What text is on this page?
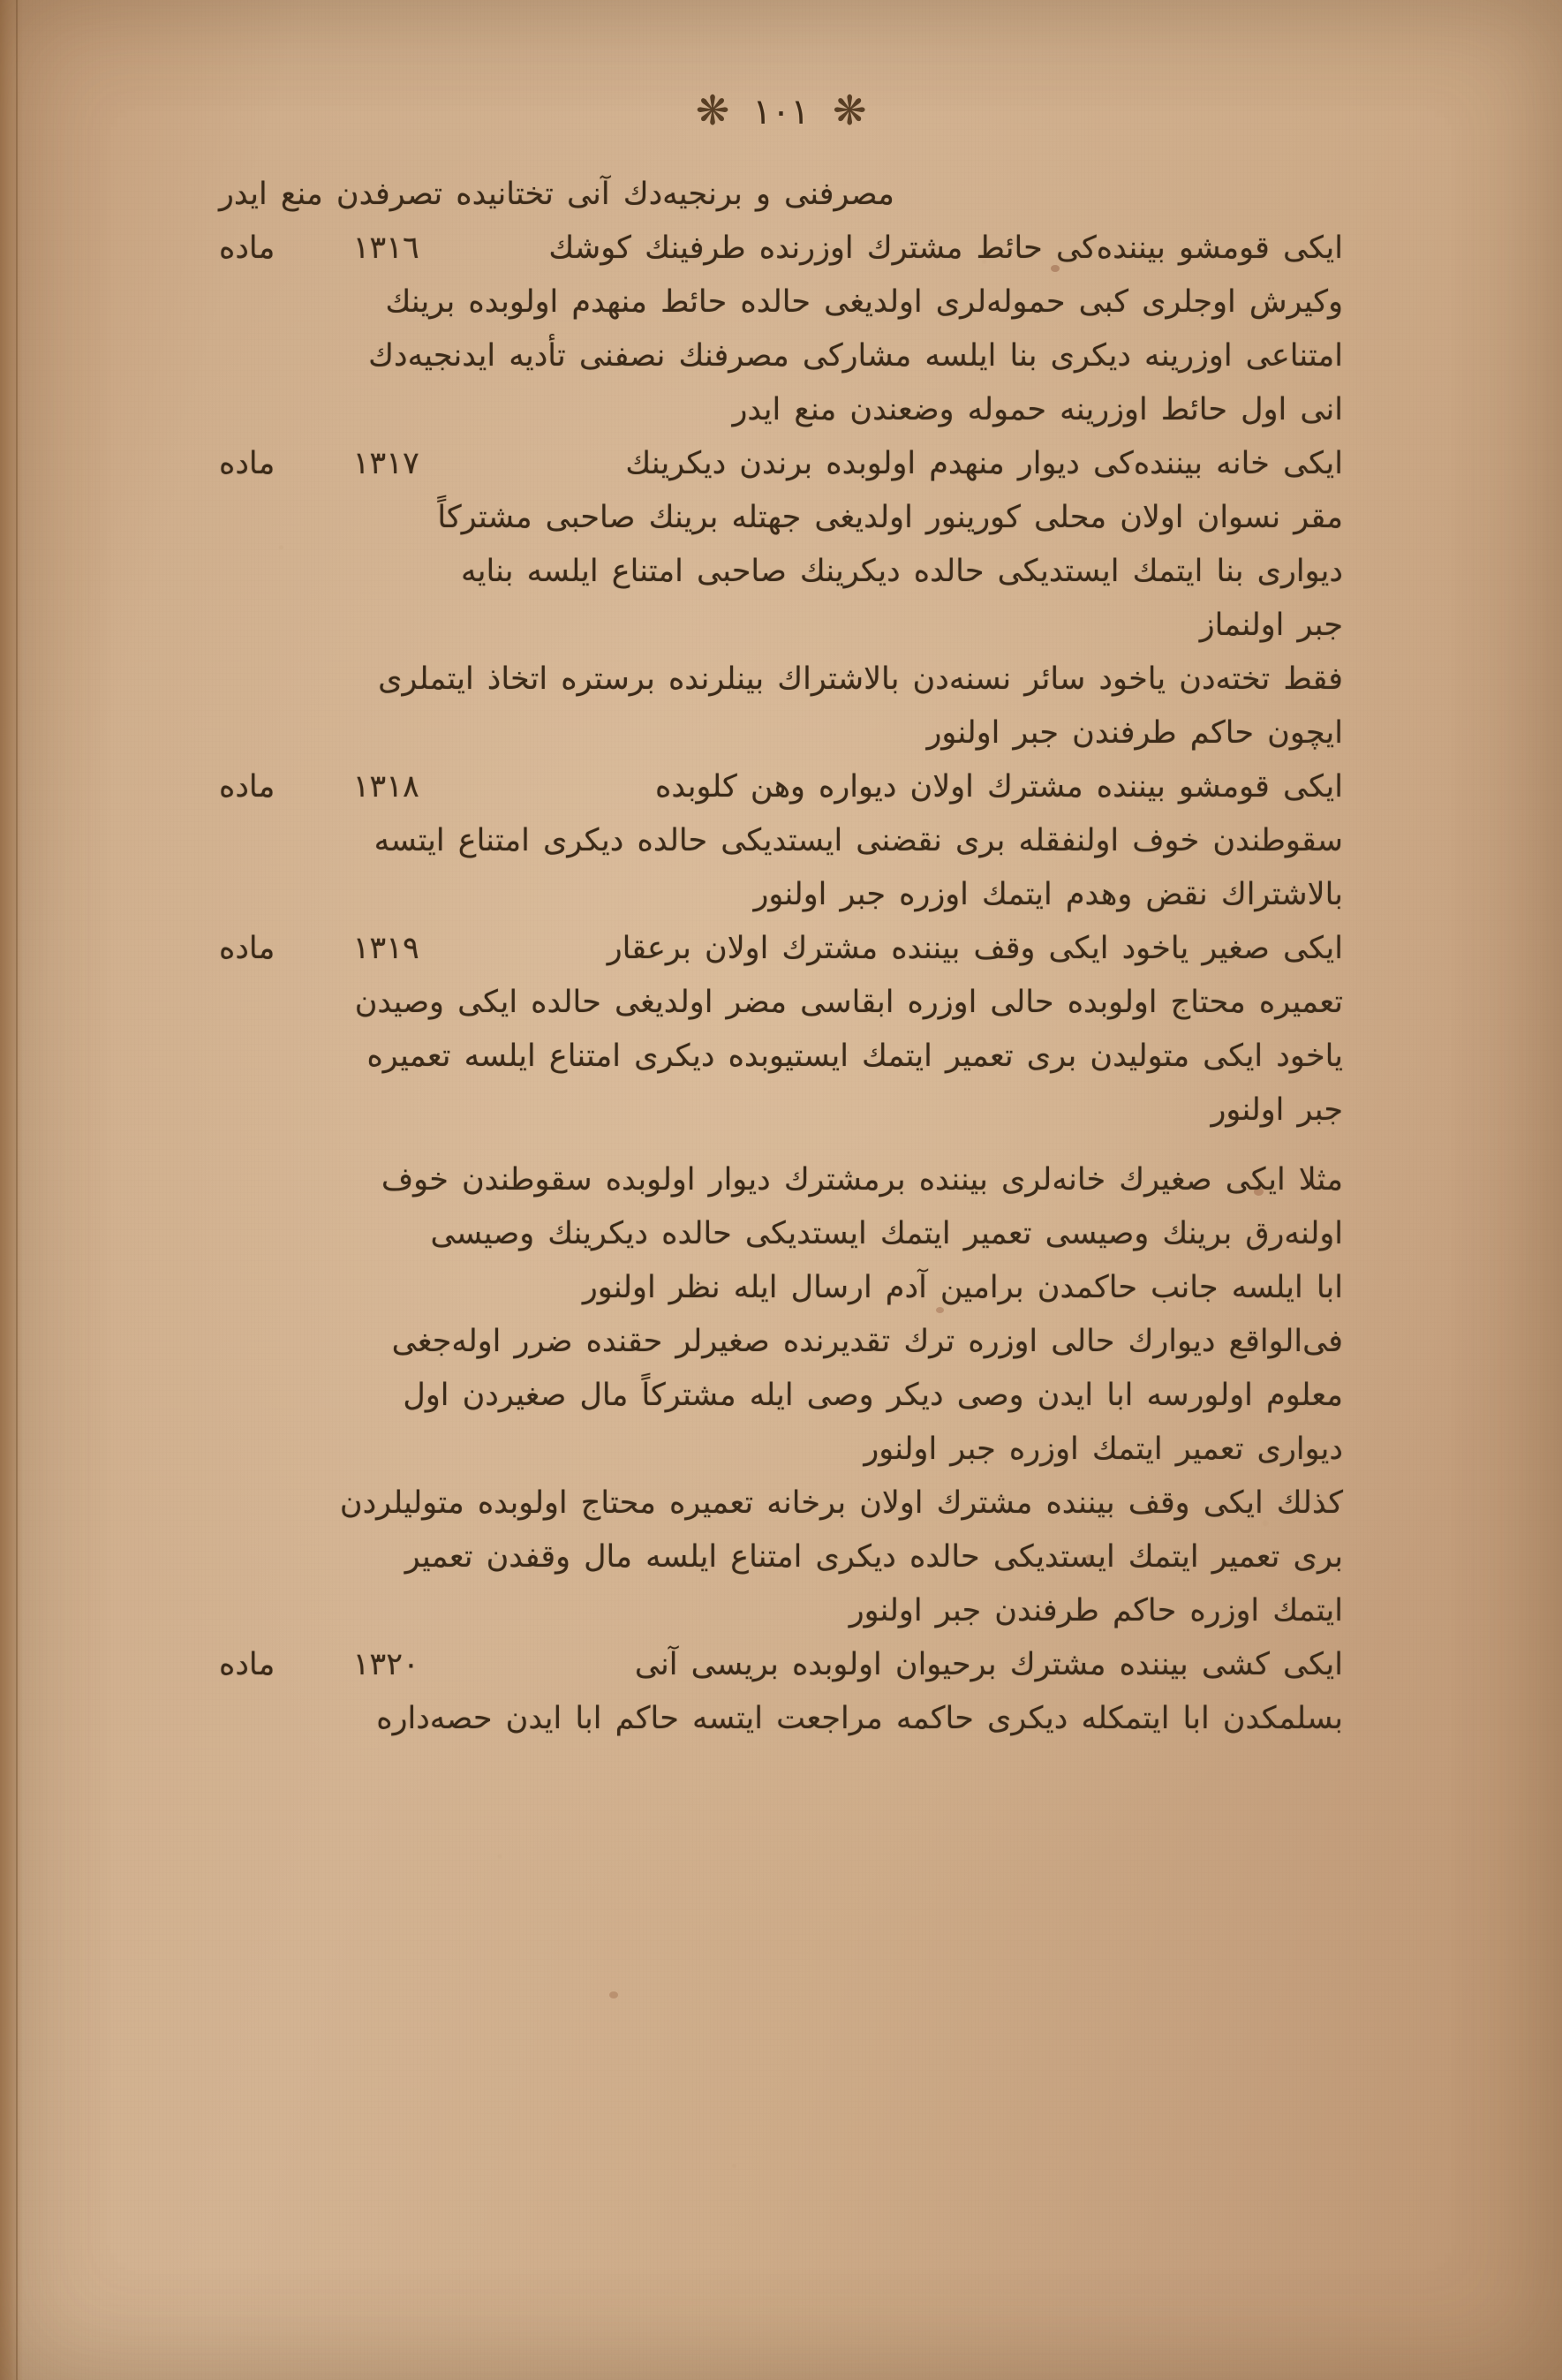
❋
١٠١
❋
مصرفنی و برنجیه‌دك آنی تختانیده تصرفدن منع ایدر
ایكی قومشو بیننده‌كی حائط مشترك اوزرنده طرفینك كوشك
١٣١٦  ماده
وكیرش اوجلری كبی حمولەلری اولدیغی حالده حائط منهدم اولوبده برینك
امتناعی اوزرینه دیكری بنا ایلسه مشاركی مصرفنك نصفنی تأدیه ایدنجیه‌دك
انی اول حائط اوزرینه حمولە وضعندن منع ایدر
ایكی خانه بیننده‌كی دیوار منهدم اولوبده برندن دیكرینك
١٣١٧  ماده
مقر نسوان اولان محلی كورینور اولدیغی جهتله برینك صاحبی مشتركاً
دیواری بنا ایتمك ایستدیكی حالده دیكرینك صاحبی امتناع ایلسە بنایه
جبر اولنماز
فقط تختەدن یاخود سائر نسنەدن بالاشتراك بینلرنده برستره اتخاذ ایتملری
ایچون حاكم طرفندن جبر اولنور
ایكی قومشو بیننده مشترك اولان دیواره وهن كلوبده
١٣١٨  ماده
سقوطندن خوف اولنفقله بری نقضنی ایستدیكی حالده دیكری امتناع ایتسه
بالاشتراك نقض وهدم ایتمك اوزره جبر اولنور
ایكی صغیر یاخود ایكی وقف بیننده مشترك اولان برعقار
١٣١٩  ماده
تعمیره محتاج اولوبده حالی اوزره ابقاسی مضر اولدیغی حالده ایكی وصیدن
یاخود ایكی متولیدن بری تعمیر ایتمك ایستیوبده دیكری امتناع ایلسه تعمیره
جبر اولنور
مثلا ایكی صغیرك خانەلری بیننده برمشترك دیوار اولوبده سقوطندن خوف
اولنەرق برینك وصیسی تعمیر ایتمك ایستدیكی حالده دیكرینك وصیسی
ابا ایلسه جانب حاكمدن برامین آدم ارسال ایله نظر اولنور
فی‌الواقع دیوارك حالی اوزره ترك تقدیرنده صغیرلر حقنده ضرر اولەجغی
معلوم اولورسه ابا ایدن وصی دیكر وصی ایله مشتركاً مال صغیردن اول
دیواری تعمیر ایتمك اوزره جبر اولنور
كذلك ایكی وقف بیننده مشترك اولان برخانه تعمیره محتاج اولوبده متولیلردن
بری تعمیر ایتمك ایستدیكی حالده دیكری امتناع ایلسە مال وقفدن تعمیر
ایتمك اوزره حاكم طرفندن جبر اولنور
ایكی كشی بیننده مشترك برحیوان اولوبده بریسی آنی
١٣٢٠  ماده
بسلمكدن ابا ایتمكله دیكری حاكمه مراجعت ایتسه حاكم ابا ایدن حصەداره
